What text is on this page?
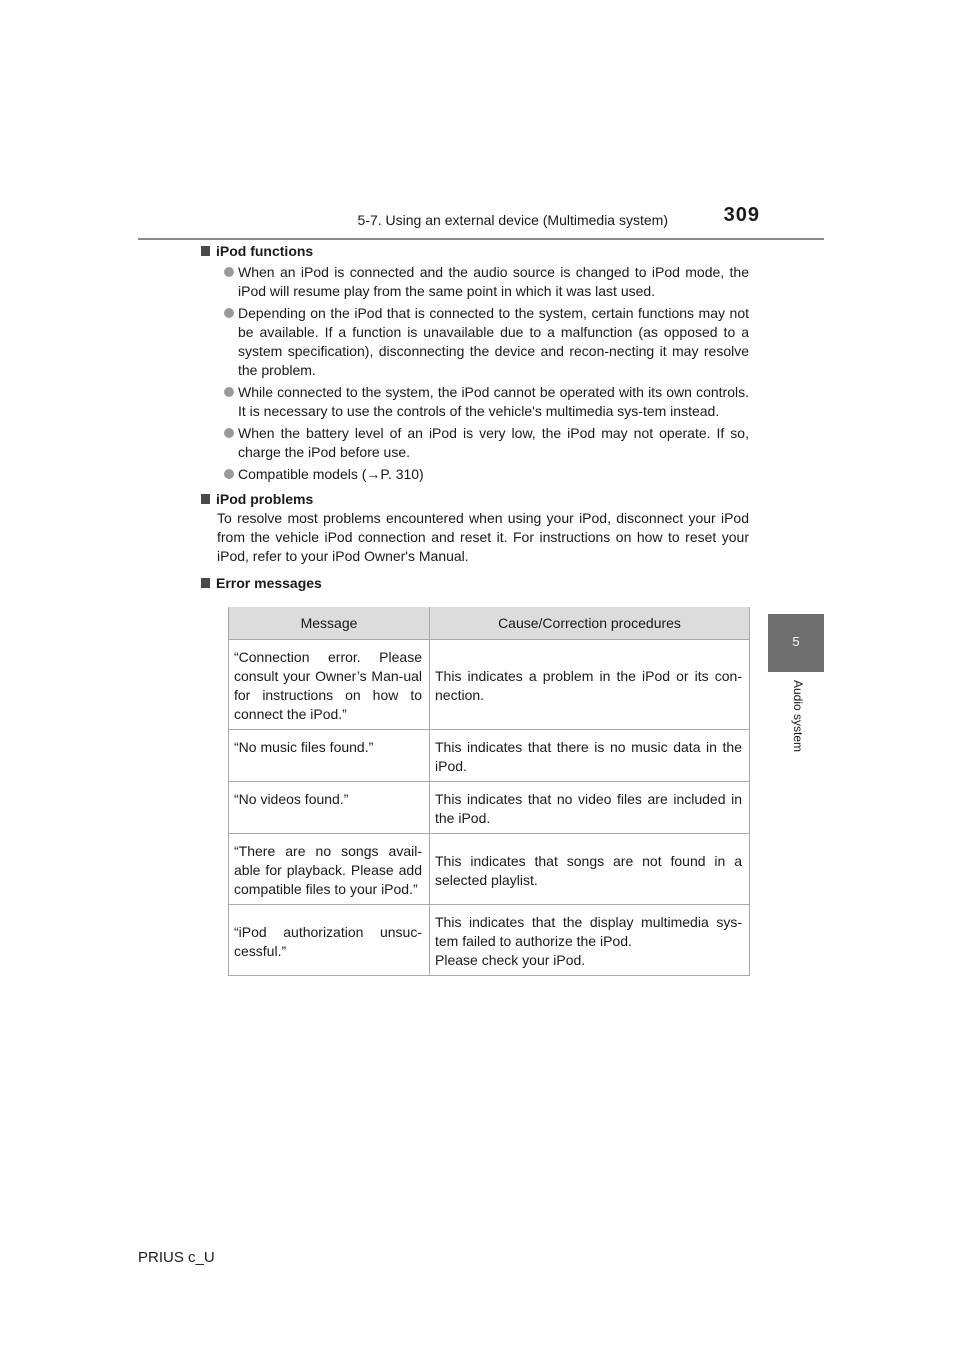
5-7. Using an external device (Multimedia system)	309
5
Audio system

iPod functions

When an iPod is connected and the audio source is changed to iPod mode, the iPod will resume play from the same point in which it was last used.
Depending on the iPod that is connected to the system, certain functions may not be available. If a function is unavailable due to a malfunction (as opposed to a system specification), disconnecting the device and recon-necting it may resolve the problem.
While connected to the system, the iPod cannot be operated with its own controls. It is necessary to use the controls of the vehicle's multimedia sys-tem instead.
When the battery level of an iPod is very low, the iPod may not operate. If so, charge the iPod before use.
Compatible models (→P. 310)

iPod problems

To resolve most problems encountered when using your iPod, disconnect your iPod from the vehicle iPod connection and reset it. For instructions on how to reset your iPod, refer to your iPod Owner's Manual.

Error messages

Message	Cause/Correction procedures
“Connection error. Please consult your Owner’s Man-ual for instructions on how to connect the iPod.”	This indicates a problem in the iPod or its con-nection.
“No music files found.”	This indicates that there is no music data in the iPod.
“No videos found.”	This indicates that no video files are included in the iPod.
“There are no songs avail-able for playback. Please add compatible files to your iPod.”	This indicates that songs are not found in a selected playlist.
“iPod authorization unsuc-cessful.”	This indicates that the display multimedia sys-tem failed to authorize the iPod.
Please check your iPod.
PRIUS c_U
